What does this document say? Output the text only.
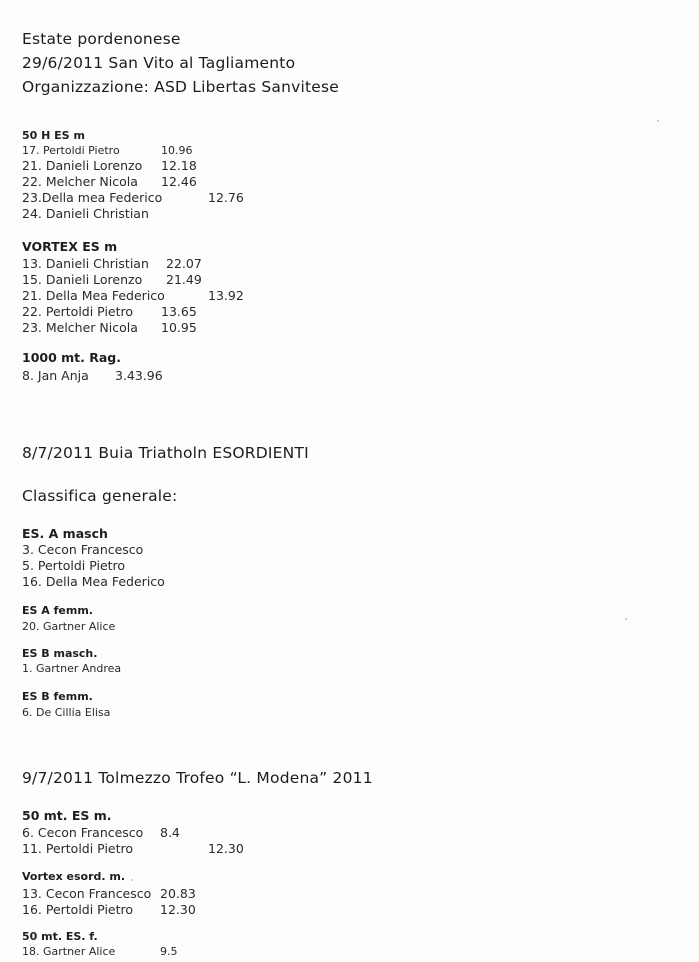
Estate pordenonese
29/6/2011 San Vito al Tagliamento
Organizzazione: ASD Libertas Sanvitese
50 H ES m
17. Pertoldi Pietro	10.96
21. Danieli Lorenzo 12.18
22. Melcher Nicola 12.46
23.Della mea Federico	12.76
24. Danieli Christian
VORTEX ES m
13. Danieli Christian 22.07
15. Danieli Lorenzo 21.49
21. Della Mea Federico	13.92
22. Pertoldi Pietro 13.65
23. Melcher Nicola 10.95
1000 mt. Rag.
8. Jan Anja 3.43.96
8/7/2011 Buia Triatholn ESORDIENTI
Classifica generale:
ES. A masch
3. Cecon Francesco
5. Pertoldi Pietro
16. Della Mea Federico
ES A femm.
20. Gartner Alice
ES B masch.
1. Gartner Andrea
ES B femm.
6. De Cillia Elisa
9/7/2011 Tolmezzo Trofeo “L. Modena” 2011
50 mt. ES m.
6. Cecon Francesco 8.4
11. Pertoldi Pietro	12.30
Vortex esord. m.
13. Cecon Francesco 20.83
16. Pertoldi Pietro 12.30
50 mt. ES. f.
18. Gartner Alice	9.5
